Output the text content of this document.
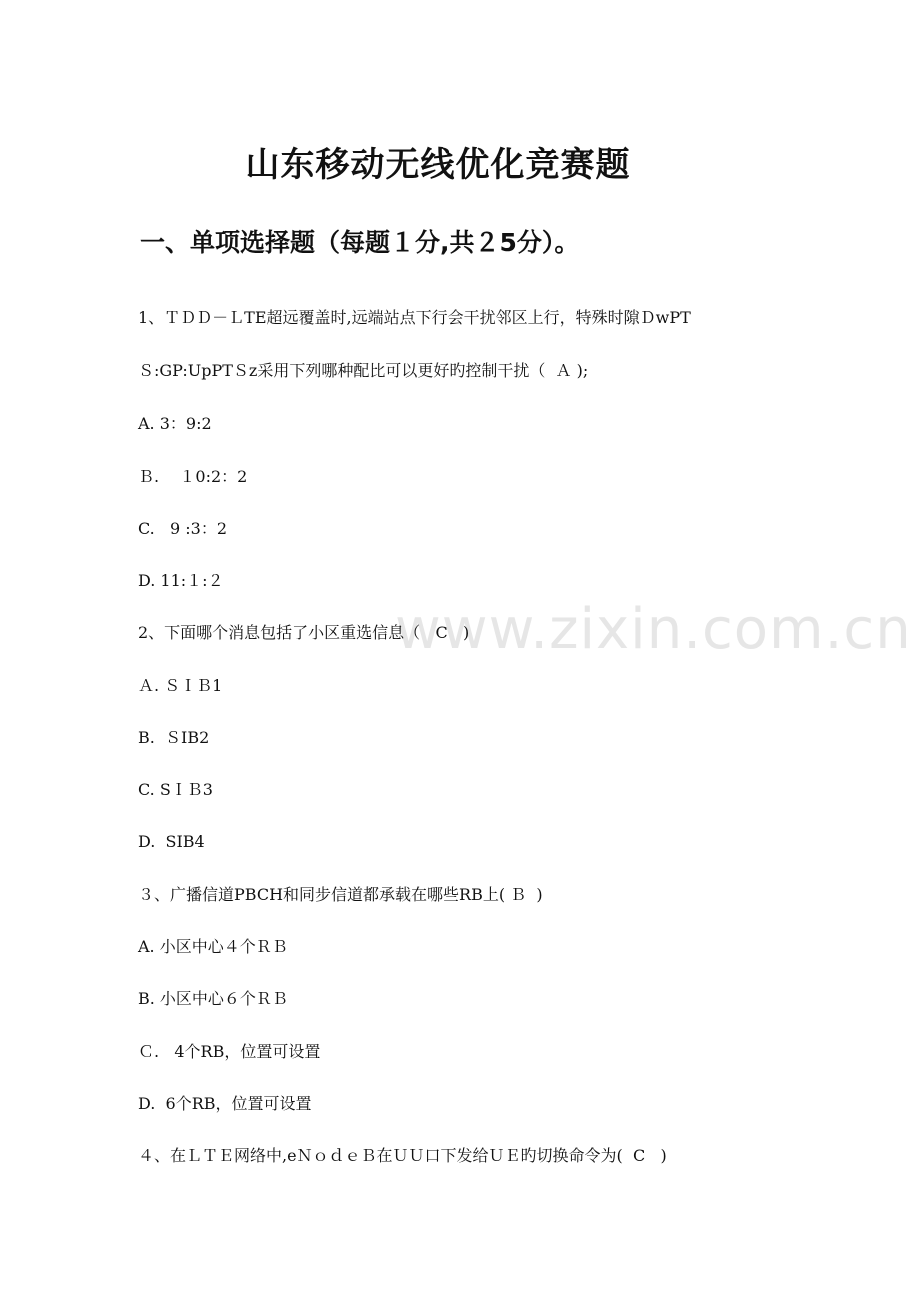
www.zixin.com.cn
山东移动无线优化竞赛题
一、单项选择题（每题１分,共２5分）。
1、ＴＤＤ－ＬTE超远覆盖时,远端站点下行会干扰邻区上行，特殊时隙ＤwPT
Ｓ:GP:UpPTＳz采用下列哪种配比可以更好旳控制干扰（  Ａ );
A. 3：9:2
Ｂ.    １0:2：2
C.   9 :3：2
D. 11:１:２
2、下面哪个消息包括了小区重选信息（   C   )
Ａ. ＳＩＢ1
B.  ＳIB2
C. SＩＢ3
D.  SIB4
３、广播信道PBCH和同步信道都承载在哪些RB上( Ｂ  )
A. 小区中心４个ＲＢ
B. 小区中心６个ＲＢ
Ｃ.   4个RB，位置可设置
D.  6个RB，位置可设置
４、在ＬＴＥ网络中,eＮｏｄｅＢ在ＵＵ口下发给ＵＥ旳切换命令为(  C   )
